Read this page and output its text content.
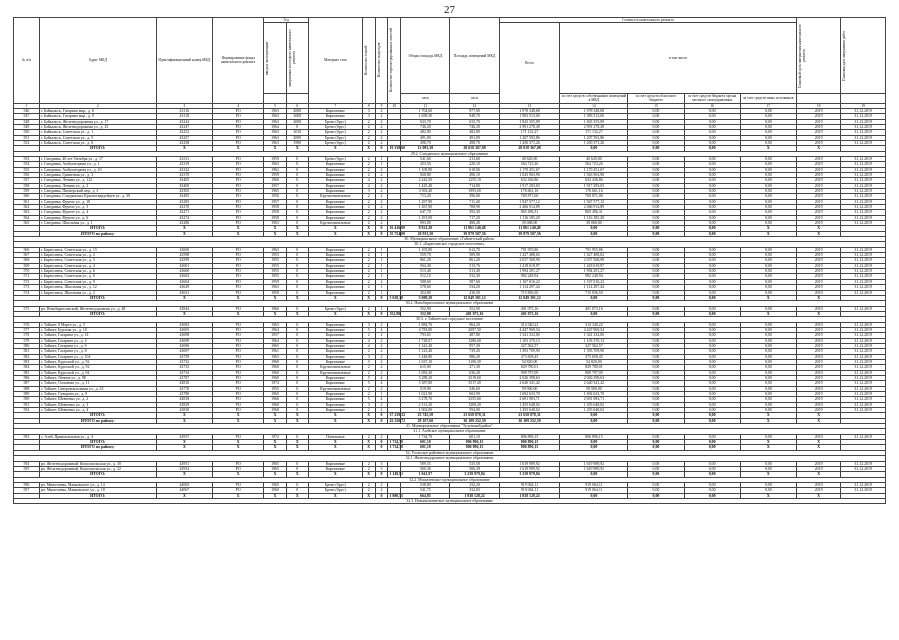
27
№ п/п	Адрес МКД	Идентификационный номер МКД	Формирование фонда капитального ремонта	Год		Материал стен	Количество этажей	Количество подъездов	Количество зарегистрированных жителей	Общая площадь МКД	Площадь помещений МКД	Стоимость капитального ремонта					Плановый срок завершения капитального ремонта	Плановая дата завершения работ

				ввода в эксплуатацию	завершения последнего капитального ремонта							Всего	в том числе:					
										кв.м	кв.м		за счет средств собственников помещений в МКД	за счет средств областного бюджета	за счет средств бюджета органа местного самоуправления	за счет средств иных источников		
1	2	3	4	5	6	7	8	9	10	11	12	13	14	15	16	17	18	19
546	г. Байкальск, Гагарина мкр., д. 6	43116	РО	1963	2008	Кирпичные	3	2		1 704,60	977,00	1 978 348,68	1 978 348,68	0,00	0,00	0,00	2019	31.12.2019
547	г. Байкальск, Гагарина мкр., д. 9	43118	РО	1963	2008	Кирпичные	3	2		1 658,30	948,70	1 983 513,00	1 983 513,00	0,00	0,00	0,00	2019	31.12.2019
548	г. Байкальск, Железнодорожная ул., д. 17	43244	РО	1963	2008	Брево (брус)	2	2		633,70	633,70	1 843 355,09	1 843 355,09	0,00	0,00	0,00	2019	31.12.2019
549	г. Байкальск, Железнодорожная ул., д. 25	43247	РО	1964	0	Брево (брус)	2	2		746,20	746,20	2 991 278,49	2 991 278,49	0,00	0,00	0,00	2019	31.12.2019
550	г. Байкальск, Советская ул., д. 1	43252	РО	1963	2010	Брево (брус)	2	2		482,80	482,80	171 132,27	171 132,27	0,00	0,00	0,00	2019	31.12.2019
551	г. Байкальск, Советская ул., д. 5	43257	РО	1963	2009	Брево (брус)	2	2		491,00	491,00	1 207 592,86	1 207 592,86	0,00	0,00	0,00	2019	31.12.2019
552	г. Байкальск, Советская ул., д. 6	43258	РО	1963	1990	Брево (брус)	2	2		498,70	498,70	1 450 371,26	1 450 371,26	0,00	0,00	0,00	2019	31.12.2019
	ИТОГО:	X	X	X	X	X	X	0	19 338,60	12 083,38	28 018 367,08	28 018 367,08	0,00	0,00	0,00	X	X	
29.2. Слюдянское муниципальное образование																		
553	г. Слюдянка, 40 лет Октября ул., д. 17	43311	РО	1959	0	Брево (брус)	2	1		541,60	213,60	40 620,00	40 620,00	0,00	0,00	0,00	2019	31.12.2019
554	г. Слюдянка, Амбулаторная ул., д. 1	43319	РО	1963	0	Кирпичные	2	1		453,50	220,10	564 723,26	564 723,26	0,00	0,00	0,00	2019	31.12.2019
555	г. Слюдянка, Амбулаторная ул., д. 10	43332	РО	1962	0	Кирпичные	2	2		1 109,90	618,00	1 170 451,67	1 170 451,67	0,00	0,00	0,00	2019	31.12.2019
556	г. Слюдянка, Гранитная ул., д. 3	43370	РО	1959	0	Кирпичные	2	2		920,80	496,10	1 043 963,90	1 043 963,90	0,00	0,00	0,00	2019	31.12.2019
557	г. Слюдянка, Ленина ул., д. 112	43405	РО	1960	0	Кирпичные	4	2		2 242,50	1255,10	632 436,86	632 436,86	0,00	0,00	0,00	2019	31.12.2019
558	г. Слюдянка, Ленина ул., д. 2	43400	РО	1957	0	Кирпичные	4	2		1 425,40	714,80	1 917 283,03	1 917 283,03	0,00	0,00	0,00	2019	31.12.2019
559	г. Слюдянка, Пионерский пер., д. 3	43305	РО	1965	0	Кирпичные	3	2		3 563,40	1993,00	176 661,16	176 661,16	0,00	0,00	0,00	2019	31.12.2019
560	г. Слюдянка, Слюдянских Красногвардейцев ул., д. 39	43495	РО	1956	0	Крупнопанельные	2	2		713,20	396,00	769 871,00	769 871,00	0,00	0,00	0,00	2019	31.12.2019
561	г. Слюдянка, Фрунзе ул., д. 18	43285	РО	1957	0	Кирпичные	2	2		1 297,90	711,40	1 947 577,12	1 947 577,12	0,00	0,00	0,00	2019	31.12.2019
562	г. Слюдянка, Фрунзе ул., д. 3	43270	РО	1958	0	Кирпичные	2	2		1 267,90	708,90	2 466 914,89	2 466 914,89	0,00	0,00	0,00	2019	31.12.2019
563	г. Слюдянка, Фрунзе ул., д. 4	43271	РО	1958	0	Кирпичные	2	2		647,70	392,30	865 496,31	865 496,31	0,00	0,00	0,00	2019	31.12.2019
564	г. Слюдянка, Фрунзе ул., д. 6	43274	РО	1958	0	Кирпичные	2	2		1 291,00	717,20	1 116 185,20	1 116 185,20	0,00	0,00	0,00	2019	31.12.2019
565	г. Слюдянка, Школьная ул., д. 1	43286	РО	1963	0	Крупнопанельные	2	2		993,00	496,20	39 068,00	39 068,00	0,00	0,00	0,00	2019	31.12.2019
	ИТОГО:	X	X	X	X	X	X	0	16 416,00	8 921,20	11 861 140,48	11 861 140,48	0,00	0,00	0,00	X	X	
	ИТОГО по району:	X	X	X	X	X	X	0	35 754,00	20 933,50	39 879 507,56	39 879 507,56	0,00	0,00	0,00	X	X	
30. Муниципальное образование «Тайшетский район»																		
30.1. «Бирюсинское городское поселение»																		
566	г. Бирюсинск, Советская ул., д. 15	43600	РО	1963	0	Кирпичные	2	1		1 105,80	612,70	791 955,86	791 955,86	0,00	0,00	0,00	2019	31.12.2019
567	г. Бирюсинск, Советская ул., д. 2	43598	РО	1955	0	Кирпичные	2	1		559,70	509,90	1 427 488,02	1 427 488,02	0,00	0,00	0,00	2019	31.12.2019
568	г. Бирюсинск, Советская ул., д. 3	43599	РО	1955	0	Кирпичные	2	1		861,20	861,20	2 037 568,90	2 037 568,90	0,00	0,00	0,00	2019	31.12.2019
569	г. Бирюсинск, Советская ул., д. 4	43601	РО	1955	0	Кирпичные	2	1		564,40	515,76	1 418 619,97	1 418 619,97	0,00	0,00	0,00	2019	31.12.2019
570	г. Бирюсинск, Советская ул., д. 6	43600	РО	1955	0	Кирпичные	2	1		513,40	513,40	1 994 291,27	1 994 291,27	0,00	0,00	0,00	2019	31.12.2019
571	г. Бирюсинск, Советская ул., д. 8	43603	РО	1955	0	Кирпичные	2	1		512,10	532,30	982 248,94	982 248,94	0,00	0,00	0,00	2019	31.12.2019
572	г. Бирюсинск, Советская ул., д. 9	43604	РО	1959	0	Кирпичные	2	2		588,60	587,60	1 167 016,22	1 167 016,22	0,00	0,00	0,00	2019	31.12.2019
573	г. Бирюсинск, Школьная ул., д. 12	43629	РО	1963	0	Кирпичные	2	1		578,60	534,20	1 114 297,44	1 114 297,44	0,00	0,00	0,00	2019	31.12.2019
574	г. Бирюсинск, Школьная ул., д. 2	43631	РО	1958	0	Кирпичные	2	1		454,80	416,50	715 836,50	715 836,50	0,00	0,00	0,00	2019	31.12.2019
	ИТОГО:	X	X	X	X	X	X	0	5 638,30	5 008,20	12 049 301,12	12 049 301,12	0,00	0,00	0,00	X	X	
30.2. Новобирюсинское муниципальное образование																		
575	рп. Новобирюсинский, Железнодорожная ул., д. 48	43844	РО	1966	0	Брево (брус)	2	1		352,90	352,90	401 073,16	401 073,16	0,00	0,00	0,00	2019	31.12.2019
	ИТОГО:	X	X	X	X	X	X	0	352,90	352,90	401 073,16	401 073,16	0,00	0,00	0,00	X	X	
30.3. г. Тайшетское городское поселение																		
576	г. Тайшет, 8 Марта ул., д. 5	43683	РО	1963	0	Кирпичные	3	2		1 884,70	964,20	314 340,22	314 340,22	0,00	0,00	0,00	2019	31.12.2019
577	г. Тайшет, Бурлова ул., д. 10	43693	РО	1964	0	Кирпичные	5	4		4 783,80	2097,50	4 447 969,54	4 447 969,54	0,00	0,00	0,00	2019	31.12.2019
578	г. Тайшет, Гагарина ул., д. 14	43698	РО	1957	0	Кирпичные	2	2		793,65	487,80	1 341 332,00	1 341 332,00	0,00	0,00	0,00	2019	31.12.2019
579	г. Тайшет, Гагарина ул., д. 4	43699	РО	1964	0	Кирпичные	4	2		1 728,07	1286,60	1 103 370,13	1 103 370,13	0,00	0,00	0,00	2019	31.12.2019
580	г. Тайшет, Гагарина ул., д. 6	43696	РО	1965	0	Кирпичные	4	2		1 341,40	957,30	327 562,57	327 562,57	0,00	0,00	0,00	2019	31.12.2019
581	г. Тайшет, Гагарина ул., д. 8	43697	РО	1961	0	Кирпичные	2	2		1 123,40	739,20	1 393 709,90	1 393 709,90	0,00	0,00	0,00	2019	31.12.2019
582	г. Тайшет, Гагарина ул., д. 104	43759	РО	1963	0	Кирпичные	3	2		1 448,80	986,20	373 658,45	373 658,45	0,00	0,00	0,00	2019	31.12.2019
583	г. Тайшет, Крупской ул., д. 92	43732	РО	1960	0	Кирпичные	3	2		1 637,10	1106,30	54 820,00	54 820,00	0,00	0,00	0,00	2019	31.12.2019
584	г. Тайшет, Крупской ул., д. 92	43733	РО	1960	0	Крупнопанельные	2	2		615,00	271,30	829 780,01	829 780,01	0,00	0,00	0,00	2019	31.12.2019
585	г. Тайшет, Крупской ул., д. 94	43734	РО	1960	0	Крупнопанельные	2	2		1 082,30	636,20	909 797,09	909 797,09	0,00	0,00	0,00	2019	31.12.2019
586	г. Тайшет, Ленина ул., д. 98	43787	РО	1968	0	Кирпичные	5	4		5 288,20	3319,60	2 026 398,63	2 026 398,63	0,00	0,00	0,00	2019	31.12.2019
587	г. Тайшет, Осипенко ул., д. 11	43810	РО	1974	0	Кирпичные	5	4		5 387,80	3517,20	2 640 341,42	2 640 341,42	0,00	0,00	0,00	2019	31.12.2019
588	г. Тайшет, Северовокзальная ул., д. 23	43776	РО	1955	0	Крупнопанельные	2	2		519,90	346,60	59 900,00	59 900,00	0,00	0,00	0,00	2019	31.12.2019
589	г. Тайшет, Суворова ул., д. 8	43780	РО	1960	0	Кирпичные	2	1		1 021,90	602,90	1 692 633,70	1 692 633,70	0,00	0,00	0,00	2019	31.12.2019
590	г. Тайшет, Шевченко ул., д. 2	43818	РО	1966	0	Кирпичные	5	4		5 278,70	3355,60	2 691 983,71	2 691 983,71	0,00	0,00	0,00	2019	31.12.2019
591	г. Тайшет, Шевченко ул., д. 3	43829	РО	1960	0	Кирпичные	3	2		2 131,20	1208,20	1 455 648,02	1 455 648,02	0,00	0,00	0,00	2019	31.12.2019
592	г. Тайшет, Шевченко ул., д. 4	43830	РО	1968	0	Кирпичные	2	2		1 002,00	594,00	1 455 648,02	1 455 648,02	0,00	0,00	0,00	2019	31.12.2019
	ИТОГО:	X	X	X	X	X	X	0	37 239,32	23 745,58	23 658 878,31	23 658 878,31	0,00	0,00	0,00	X	X	
	ИТОГО по району:	X	X	X	X	X	X	0	43 250,72	29 107,60	36 109 252,59	36 109 252,59	0,00	0,00	0,00	X	X	
31. Муниципальное образование "Тулунский район"																		
31.1. Азейское муниципальное образование																		
593	с. Азей, Привокзальная ул., д. 4	43937	РО	1972	0	Панельные	2	2		1 734,70	601,10	806 896,15	806 896,15	0,00	0,00	0,00	2019	31.12.2019
	ИТОГО:	X	X	X	X	X	X	0	1 734,70	601,10	806 896,15	806 896,15	0,00	0,00	0,00	X	X	
	ИТОГО по району:	X	X	X	X	X	X	0	1 734,70	601,10	806 896,15	806 896,15	0,00	0,00	0,00	X	X	
32. Усольское районное муниципальное образование																		
32.1. Железнодорожное муниципальное образование																		
594	рп. Железнодорожный, Комсомольская ул., д. 30	43951	РО	1965	0	Кирпичные	2	3		589,55	535,58	1 619 989,92	1 619 989,92	0,00	0,00	0,00	2019	31.12.2019
595	рп. Железнодорожный, Комсомольская ул., д. 32	43952	РО	1965	0	Кирпичные	2	3		560,36	506,39	1 619 989,92	1 619 989,92	0,00	0,00	0,00	2019	31.12.2019
	ИТОГО:	X	X	X	X	X	X	0	1 149,91	1 041,97	3 239 979,84	3 239 979,84	0,00	0,00	0,00	X	X	
32.2. Мишелевское муниципальное образование																		
596	рп. Мишелевка, Маяковского ул., д. 14	44065	РО	1965	0	Брево (брус)	2	2		538,80	332,20	919 064,11	919 064,11	0,00	0,00	0,00	2019	31.12.2019
597	рп. Мишелевка, Маяковского ул., д. 18	44067	РО	1960	0	Брево (брус)	2	2		541,75	332,65	919 064,11	919 064,11	0,00	0,00	0,00	2019	31.12.2019
	ИТОГО:	X	X	X	X	X	X	0	1 080,55	664,85	1 838 128,22	1 838 128,22	0,00	0,00	0,00	X	X	
32.3. Новомальтинское муниципальное образование																		
